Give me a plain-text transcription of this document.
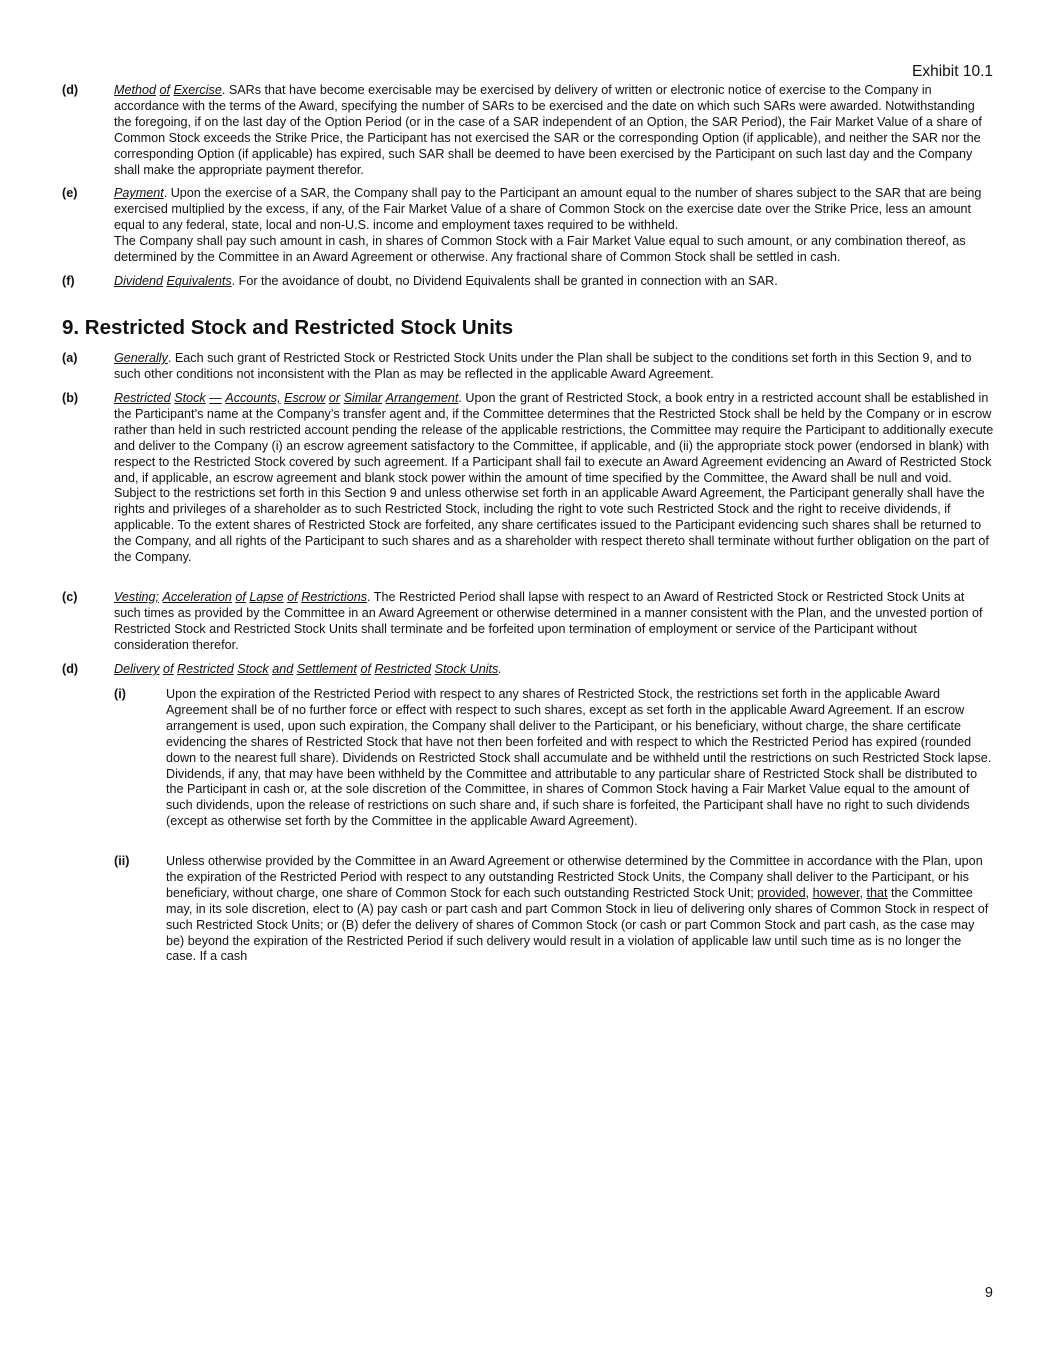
Exhibit 10.1
(d)	Method of Exercise. SARs that have become exercisable may be exercised by delivery of written or electronic notice of exercise to the Company in accordance with the terms of the Award, specifying the number of SARs to be exercised and the date on which such SARs were awarded. Notwithstanding the foregoing, if on the last day of the Option Period (or in the case of a SAR independent of an Option, the SAR Period), the Fair Market Value of a share of Common Stock exceeds the Strike Price, the Participant has not exercised the SAR or the corresponding Option (if applicable), and neither the SAR nor the corresponding Option (if applicable) has expired, such SAR shall be deemed to have been exercised by the Participant on such last day and the Company shall make the appropriate payment therefor.
(e)	Payment. Upon the exercise of a SAR, the Company shall pay to the Participant an amount equal to the number of shares subject to the SAR that are being exercised multiplied by the excess, if any, of the Fair Market Value of a share of Common Stock on the exercise date over the Strike Price, less an amount equal to any federal, state, local and non-U.S. income and employment taxes required to be withheld.
The Company shall pay such amount in cash, in shares of Common Stock with a Fair Market Value equal to such amount, or any combination thereof, as determined by the Committee in an Award Agreement or otherwise. Any fractional share of Common Stock shall be settled in cash.
(f)	Dividend Equivalents. For the avoidance of doubt, no Dividend Equivalents shall be granted in connection with an SAR.
9. Restricted Stock and Restricted Stock Units
(a)	Generally. Each such grant of Restricted Stock or Restricted Stock Units under the Plan shall be subject to the conditions set forth in this Section 9, and to such other conditions not inconsistent with the Plan as may be reflected in the applicable Award Agreement.
(b)	Restricted Stock — Accounts, Escrow or Similar Arrangement. Upon the grant of Restricted Stock, a book entry in a restricted account shall be established in the Participant’s name at the Company’s transfer agent and, if the Committee determines that the Restricted Stock shall be held by the Company or in escrow rather than held in such restricted account pending the release of the applicable restrictions, the Committee may require the Participant to additionally execute and deliver to the Company (i) an escrow agreement satisfactory to the Committee, if applicable, and (ii) the appropriate stock power (endorsed in blank) with respect to the Restricted Stock covered by such agreement. If a Participant shall fail to execute an Award Agreement evidencing an Award of Restricted Stock and, if applicable, an escrow agreement and blank stock power within the amount of time specified by the Committee, the Award shall be null and void. Subject to the restrictions set forth in this Section 9 and unless otherwise set forth in an applicable Award Agreement, the Participant generally shall have the rights and privileges of a shareholder as to such Restricted Stock, including the right to vote such Restricted Stock and the right to receive dividends, if applicable. To the extent shares of Restricted Stock are forfeited, any share certificates issued to the Participant evidencing such shares shall be returned to the Company, and all rights of the Participant to such shares and as a shareholder with respect thereto shall terminate without further obligation on the part of the Company.
(c)	Vesting; Acceleration of Lapse of Restrictions. The Restricted Period shall lapse with respect to an Award of Restricted Stock or Restricted Stock Units at such times as provided by the Committee in an Award Agreement or otherwise determined in a manner consistent with the Plan, and the unvested portion of Restricted Stock and Restricted Stock Units shall terminate and be forfeited upon termination of employment or service of the Participant without consideration therefor.
(d)	Delivery of Restricted Stock and Settlement of Restricted Stock Units.
(i)	Upon the expiration of the Restricted Period with respect to any shares of Restricted Stock, the restrictions set forth in the applicable Award Agreement shall be of no further force or effect with respect to such shares, except as set forth in the applicable Award Agreement. If an escrow arrangement is used, upon such expiration, the Company shall deliver to the Participant, or his beneficiary, without charge, the share certificate evidencing the shares of Restricted Stock that have not then been forfeited and with respect to which the Restricted Period has expired (rounded down to the nearest full share). Dividends on Restricted Stock shall accumulate and be withheld until the restrictions on such Restricted Stock lapse. Dividends, if any, that may have been withheld by the Committee and attributable to any particular share of Restricted Stock shall be distributed to the Participant in cash or, at the sole discretion of the Committee, in shares of Common Stock having a Fair Market Value equal to the amount of such dividends, upon the release of restrictions on such share and, if such share is forfeited, the Participant shall have no right to such dividends (except as otherwise set forth by the Committee in the applicable Award Agreement).
(ii)	Unless otherwise provided by the Committee in an Award Agreement or otherwise determined by the Committee in accordance with the Plan, upon the expiration of the Restricted Period with respect to any outstanding Restricted Stock Units, the Company shall deliver to the Participant, or his beneficiary, without charge, one share of Common Stock for each such outstanding Restricted Stock Unit; provided, however, that the Committee may, in its sole discretion, elect to (A) pay cash or part cash and part Common Stock in lieu of delivering only shares of Common Stock in respect of such Restricted Stock Units; or (B) defer the delivery of shares of Common Stock (or cash or part Common Stock and part cash, as the case may be) beyond the expiration of the Restricted Period if such delivery would result in a violation of applicable law until such time as is no longer the case. If a cash
9
